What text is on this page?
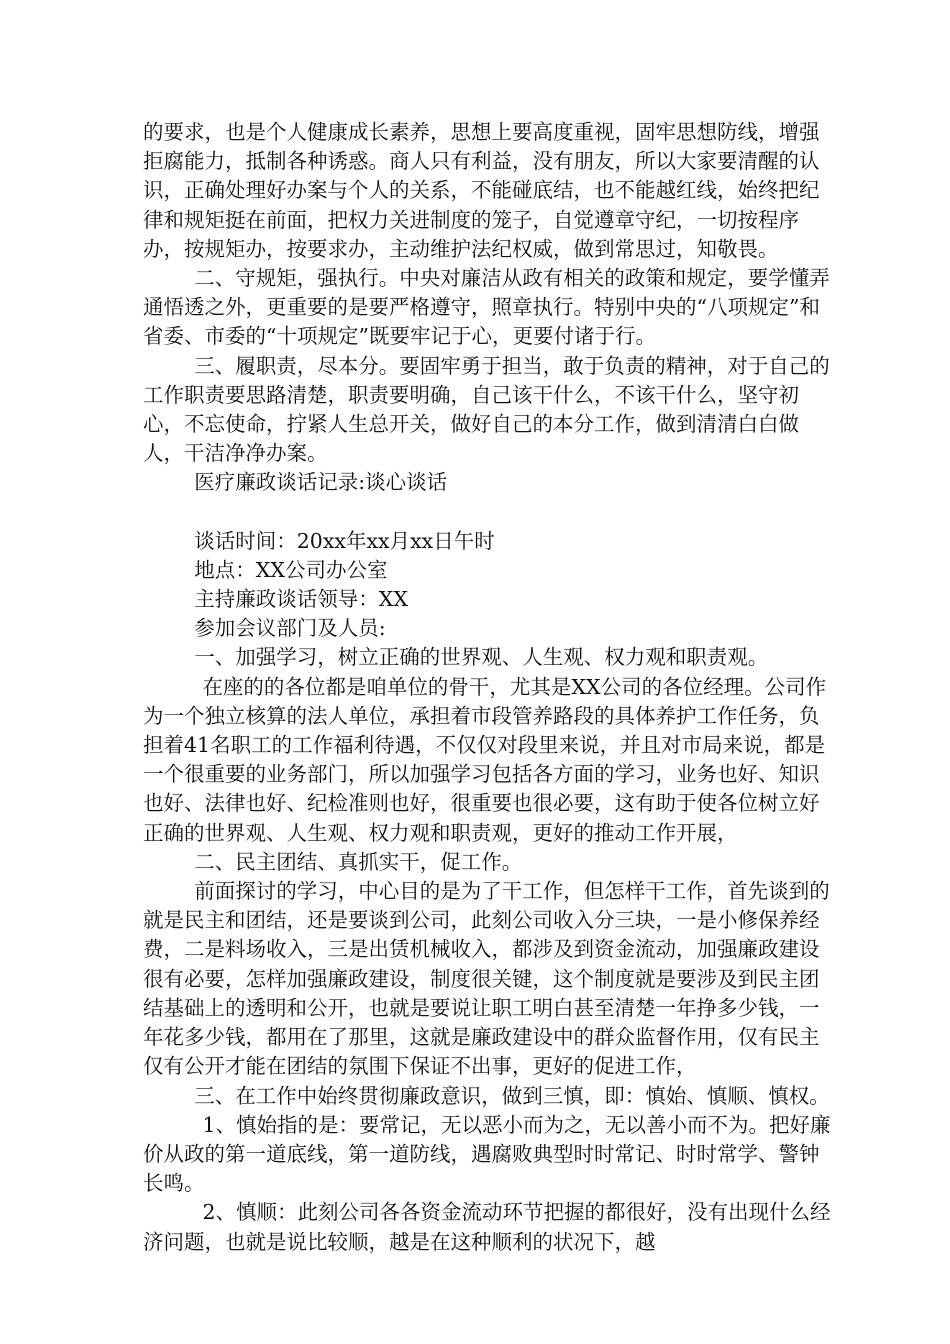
的要求，也是个人健康成长素养，思想上要高度重视，固牢思想防线，增强拒腐能力，抵制各种诱惑。商人只有利益，没有朋友，所以大家要清醒的认识，正确处理好办案与个人的关系，不能碰底结，也不能越红线，始终把纪律和规矩挺在前面，把权力关进制度的笼子，自觉遵章守纪，一切按程序办，按规矩办，按要求办，主动维护法纪权威，做到常思过，知敬畏。

二、守规矩，强执行。中央对廉洁从政有相关的政策和规定，要学懂弄通悟透之外，更重要的是要严格遵守，照章执行。特别中央的“八项规定”和省委、市委的“十项规定”既要牢记于心，更要付诸于行。

三、履职责，尽本分。要固牢勇于担当，敢于负责的精神，对于自己的工作职责要思路清楚，职责要明确，自己该干什么，不该干什么，坚守初心，不忘使命，拧紧人生总开关，做好自己的本分工作，做到清清白白做人，干洁净净办案。

医疗廉政谈话记录:谈心谈话

谈话时间：20xx年xx月xx日午时

地点：XX公司办公室

主持廉政谈话领导：XX

参加会议部门及人员:

一、加强学习，树立正确的世界观、人生观、权力观和职责观。

在座的的各位都是咱单位的骨干，尤其是XX公司的各位经理。公司作为一个独立核算的法人单位，承担着市段管养路段的具体养护工作任务，负担着41名职工的工作福利待遇，不仅仅对段里来说，并且对市局来说，都是一个很重要的业务部门，所以加强学习包括各方面的学习，业务也好、知识也好、法律也好、纪检准则也好，很重要也很必要，这有助于使各位树立好正确的世界观、人生观、权力观和职责观，更好的推动工作开展，

二、民主团结、真抓实干，促工作。

前面探讨的学习，中心目的是为了干工作，但怎样干工作，首先谈到的就是民主和团结，还是要谈到公司，此刻公司收入分三块，一是小修保养经费，二是料场收入，三是出赁机械收入，都涉及到资金流动，加强廉政建设很有必要，怎样加强廉政建设，制度很关键，这个制度就是要涉及到民主团结基础上的透明和公开，也就是要说让职工明白甚至清楚一年挣多少钱，一年花多少钱，都用在了那里，这就是廉政建设中的群众监督作用，仅有民主仅有公开才能在团结的氛围下保证不出事，更好的促进工作，

三、在工作中始终贯彻廉政意识，做到三慎，即：慎始、慎顺、慎权。

1、慎始指的是：要常记，无以恶小而为之，无以善小而不为。把好廉价从政的第一道底线，第一道防线，遇腐败典型时时常记、时时常学、警钟长鸣。

2、慎顺：此刻公司各各资金流动环节把握的都很好，没有出现什么经济问题，也就是说比较顺，越是在这种顺利的状况下，越
